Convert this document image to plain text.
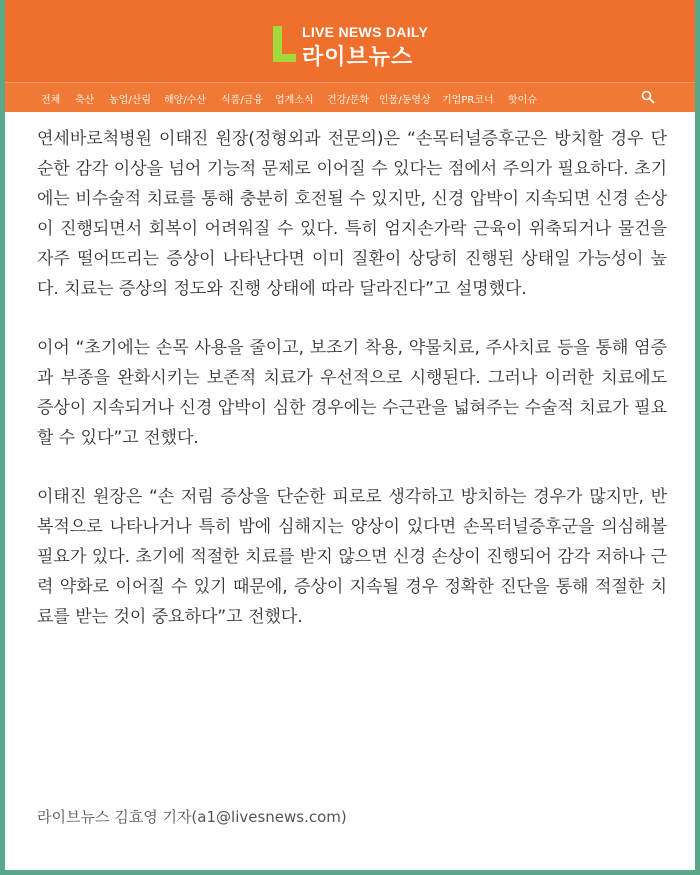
LIVE NEWS DAILY
라이브뉴스
전체 축산 농업/산림 해양/수산 식품/금융 업계소식 건강/문화 인물/동영상 기업PR코너 핫이슈

연세바로척병원 이태진 원장(정형외과 전문의)은 “손목터널증후군은 방치할 경우 단순한 감각 이상을 넘어 기능적 문제로 이어질 수 있다는 점에서 주의가 필요하다. 초기에는 비수술적 치료를 통해 충분히 호전될 수 있지만, 신경 압박이 지속되면 신경 손상이 진행되면서 회복이 어려워질 수 있다. 특히 엄지손가락 근육이 위축되거나 물건을 자주 떨어뜨리는 증상이 나타난다면 이미 질환이 상당히 진행된 상태일 가능성이 높다. 치료는 증상의 정도와 진행 상태에 따라 달라진다”고 설명했다.

이어 “초기에는 손목 사용을 줄이고, 보조기 착용, 약물치료, 주사치료 등을 통해 염증과 부종을 완화시키는 보존적 치료가 우선적으로 시행된다. 그러나 이러한 치료에도 증상이 지속되거나 신경 압박이 심한 경우에는 수근관을 넓혀주는 수술적 치료가 필요할 수 있다”고 전했다.

이태진 원장은 “손 저림 증상을 단순한 피로로 생각하고 방치하는 경우가 많지만, 반복적으로 나타나거나 특히 밤에 심해지는 양상이 있다면 손목터널증후군을 의심해볼 필요가 있다. 초기에 적절한 치료를 받지 않으면 신경 손상이 진행되어 감각 저하나 근력 약화로 이어질 수 있기 때문에, 증상이 지속될 경우 정확한 진단을 통해 적절한 치료를 받는 것이 중요하다”고 전했다.

라이브뉴스 김효영 기자(a1@livesnews.com)
